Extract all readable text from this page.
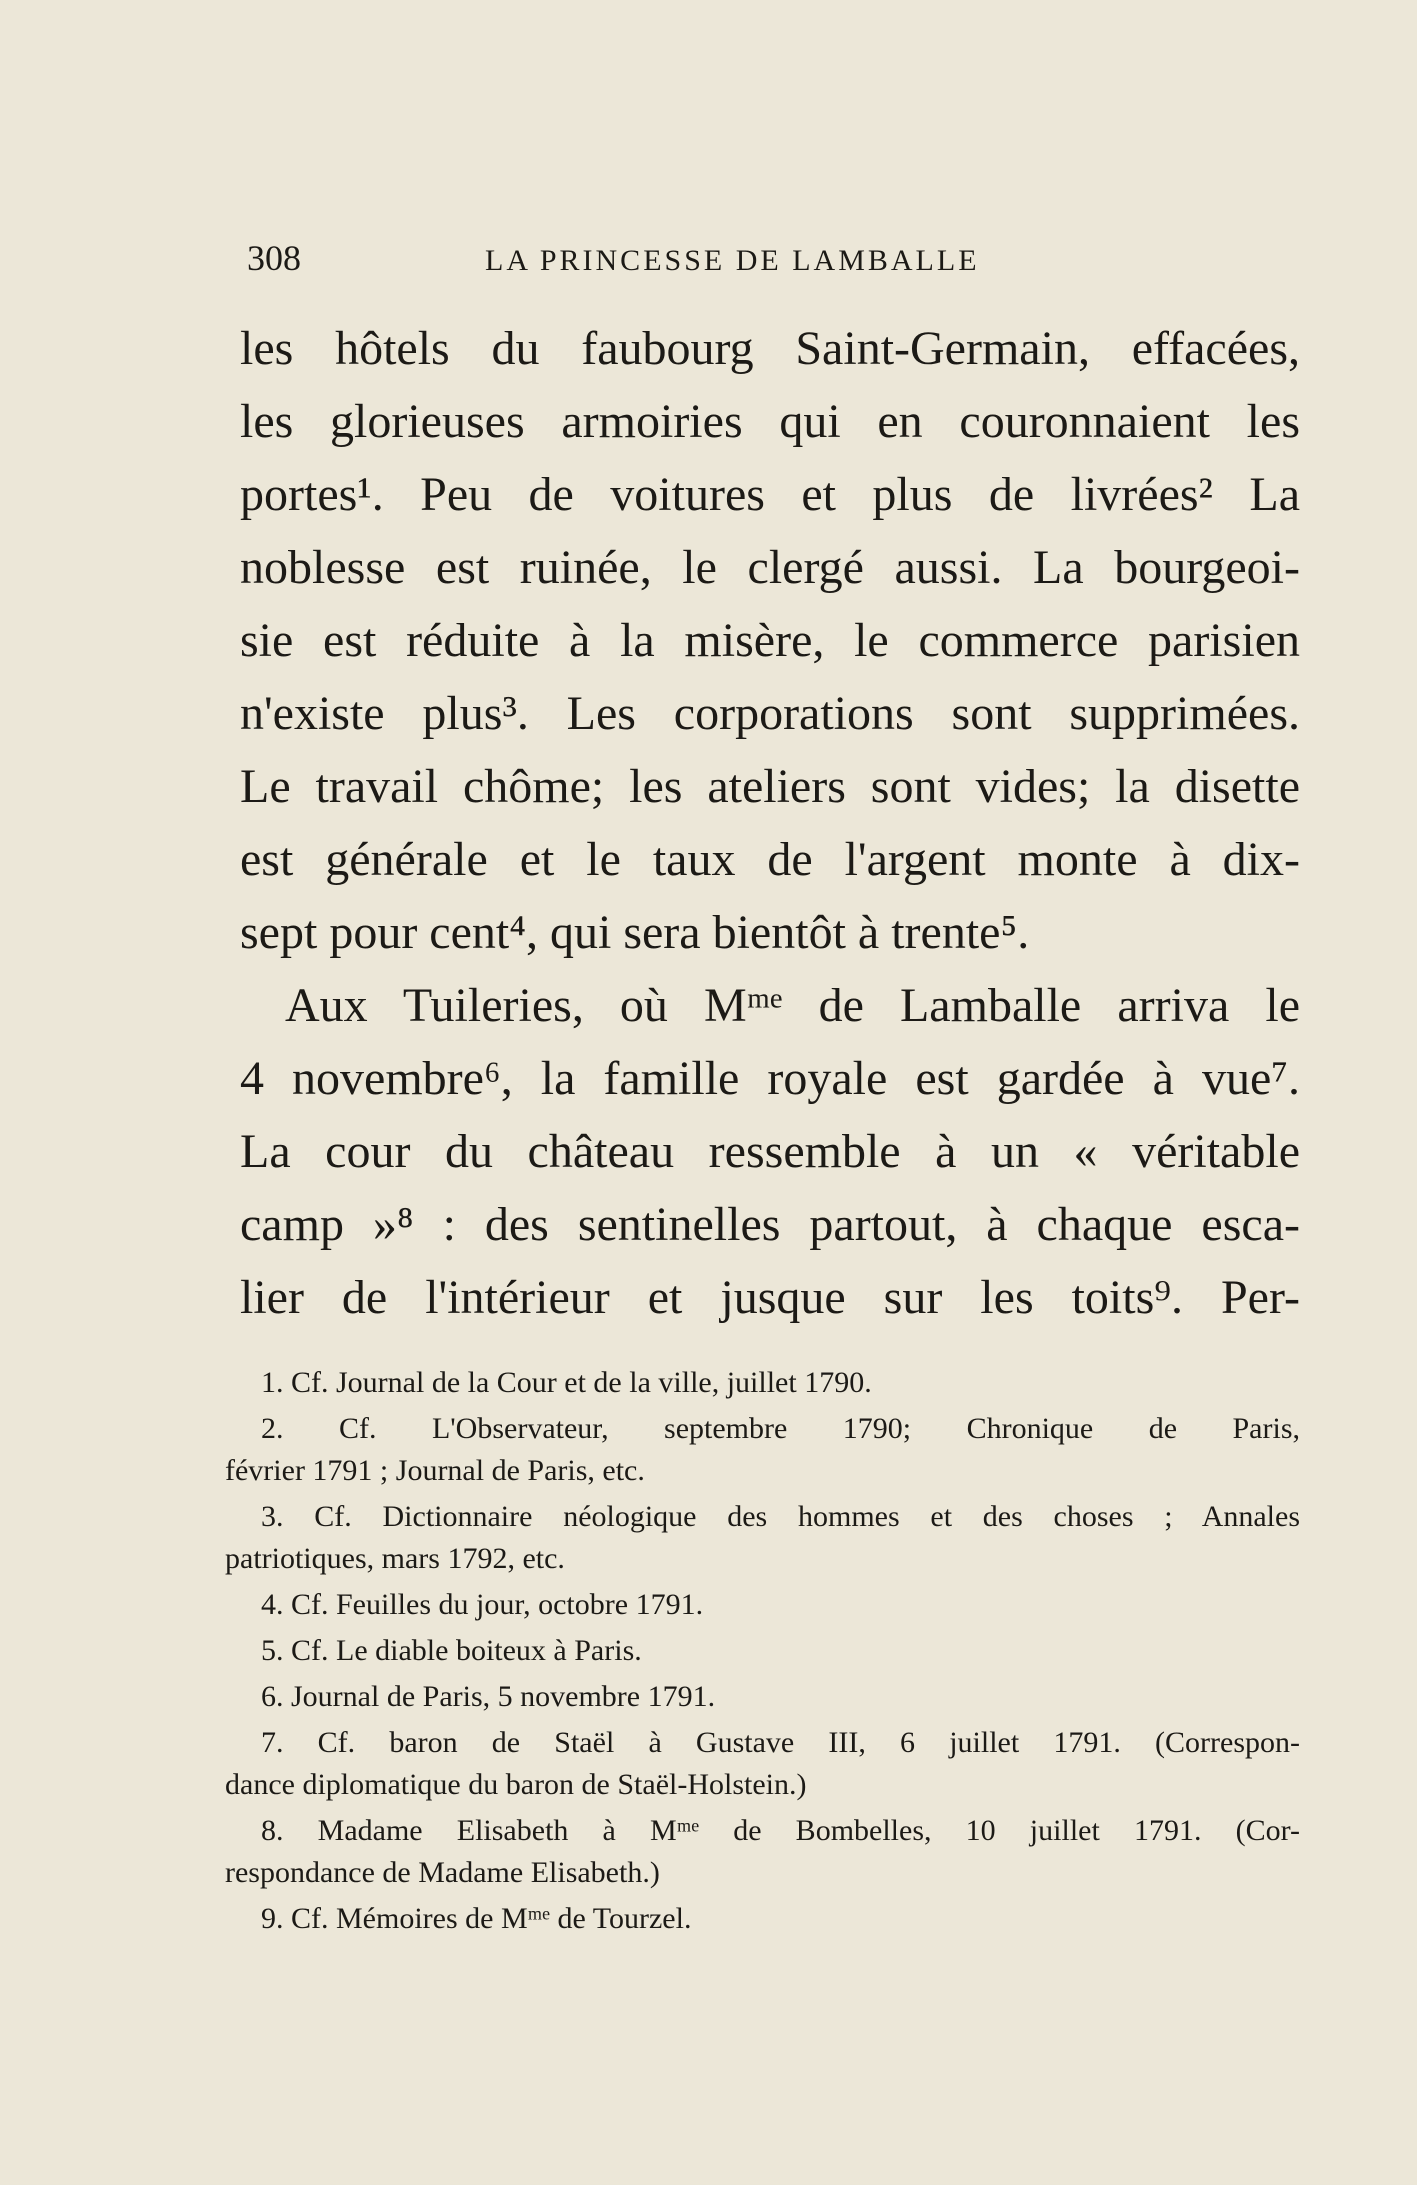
308	LA PRINCESSE DE LAMBALLE
les hôtels du faubourg Saint-Germain, effacées,
les glorieuses armoiries qui en couronnaient les
portes¹. Peu de voitures et plus de livrées² La
noblesse est ruinée, le clergé aussi. La bourgeoi-
sie est réduite à la misère, le commerce parisien
n'existe plus³. Les corporations sont supprimées.
Le travail chôme; les ateliers sont vides; la disette
est générale et le taux de l'argent monte à dix-
sept pour cent⁴, qui sera bientôt à trente⁵.
Aux Tuileries, où Mᵐᵉ de Lamballe arriva le
4 novembre⁶, la famille royale est gardée à vue⁷.
La cour du château ressemble à un « véritable
camp »⁸ : des sentinelles partout, à chaque esca-
lier de l'intérieur et jusque sur les toits⁹. Per-
1. Cf. Journal de la Cour et de la ville, juillet 1790.
2. Cf. L'Observateur, septembre 1790; Chronique de Paris,
février 1791 ; Journal de Paris, etc.
3. Cf. Dictionnaire néologique des hommes et des choses ; Annales
patriotiques, mars 1792, etc.
4. Cf. Feuilles du jour, octobre 1791.
5. Cf. Le diable boiteux à Paris.
6. Journal de Paris, 5 novembre 1791.
7. Cf. baron de Staël à Gustave III, 6 juillet 1791. (Correspon-
dance diplomatique du baron de Staël-Holstein.)
8. Madame Elisabeth à Mᵐᵉ de Bombelles, 10 juillet 1791. (Cor-
respondance de Madame Elisabeth.)
9. Cf. Mémoires de Mᵐᵉ de Tourzel.
